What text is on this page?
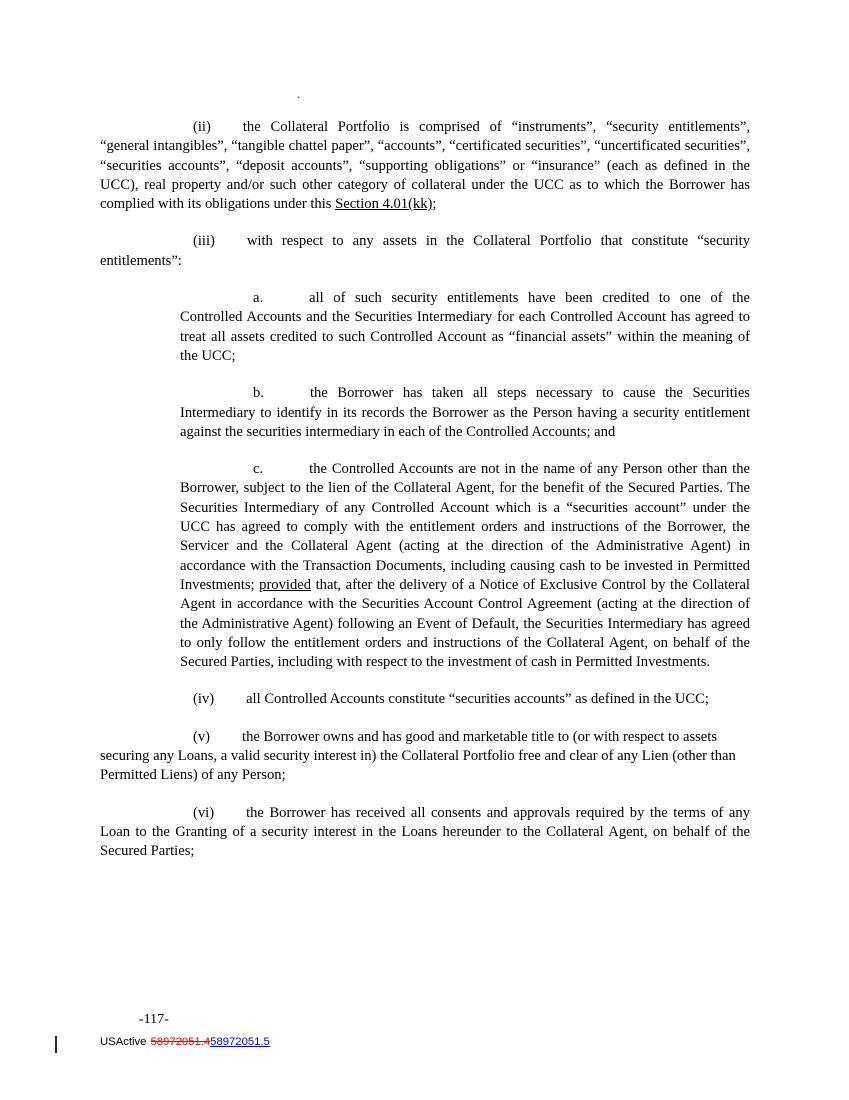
.

(ii) the Collateral Portfolio is comprised of “instruments”, “security entitlements”, “general intangibles”, “tangible chattel paper”, “accounts”, “certificated securities”, “uncertificated securities”, “securities accounts”, “deposit accounts”, “supporting obligations” or “insurance” (each as defined in the UCC), real property and/or such other category of collateral under the UCC as to which the Borrower has complied with its obligations under this Section 4.01(kk);

(iii) with respect to any assets in the Collateral Portfolio that constitute “security entitlements”:

a.	all of such security entitlements have been credited to one of the Controlled Accounts and the Securities Intermediary for each Controlled Account has agreed to treat all assets credited to such Controlled Account as “financial assets” within the meaning of the UCC;

b.	the Borrower has taken all steps necessary to cause the Securities Intermediary to identify in its records the Borrower as the Person having a security entitlement against the securities intermediary in each of the Controlled Accounts; and

c.	the Controlled Accounts are not in the name of any Person other than the Borrower, subject to the lien of the Collateral Agent, for the benefit of the Secured Parties. The Securities Intermediary of any Controlled Account which is a “securities account” under the UCC has agreed to comply with the entitlement orders and instructions of the Borrower, the Servicer and the Collateral Agent (acting at the direction of the Administrative Agent) in accordance with the Transaction Documents, including causing cash to be invested in Permitted Investments; provided that, after the delivery of a Notice of Exclusive Control by the Collateral Agent in accordance with the Securities Account Control Agreement (acting at the direction of the Administrative Agent) following an Event of Default, the Securities Intermediary has agreed to only follow the entitlement orders and instructions of the Collateral Agent, on behalf of the Secured Parties, including with respect to the investment of cash in Permitted Investments.

(iv) all Controlled Accounts constitute “securities accounts” as defined in the UCC;

(v) the Borrower owns and has good and marketable title to (or with respect to assets securing any Loans, a valid security interest in) the Collateral Portfolio free and clear of any Lien (other than Permitted Liens) of any Person;

(vi) the Borrower has received all consents and approvals required by the terms of any Loan to the Granting of a security interest in the Loans hereunder to the Collateral Agent, on behalf of the Secured Parties;

-117-
USActive 58972051.458972051.5
